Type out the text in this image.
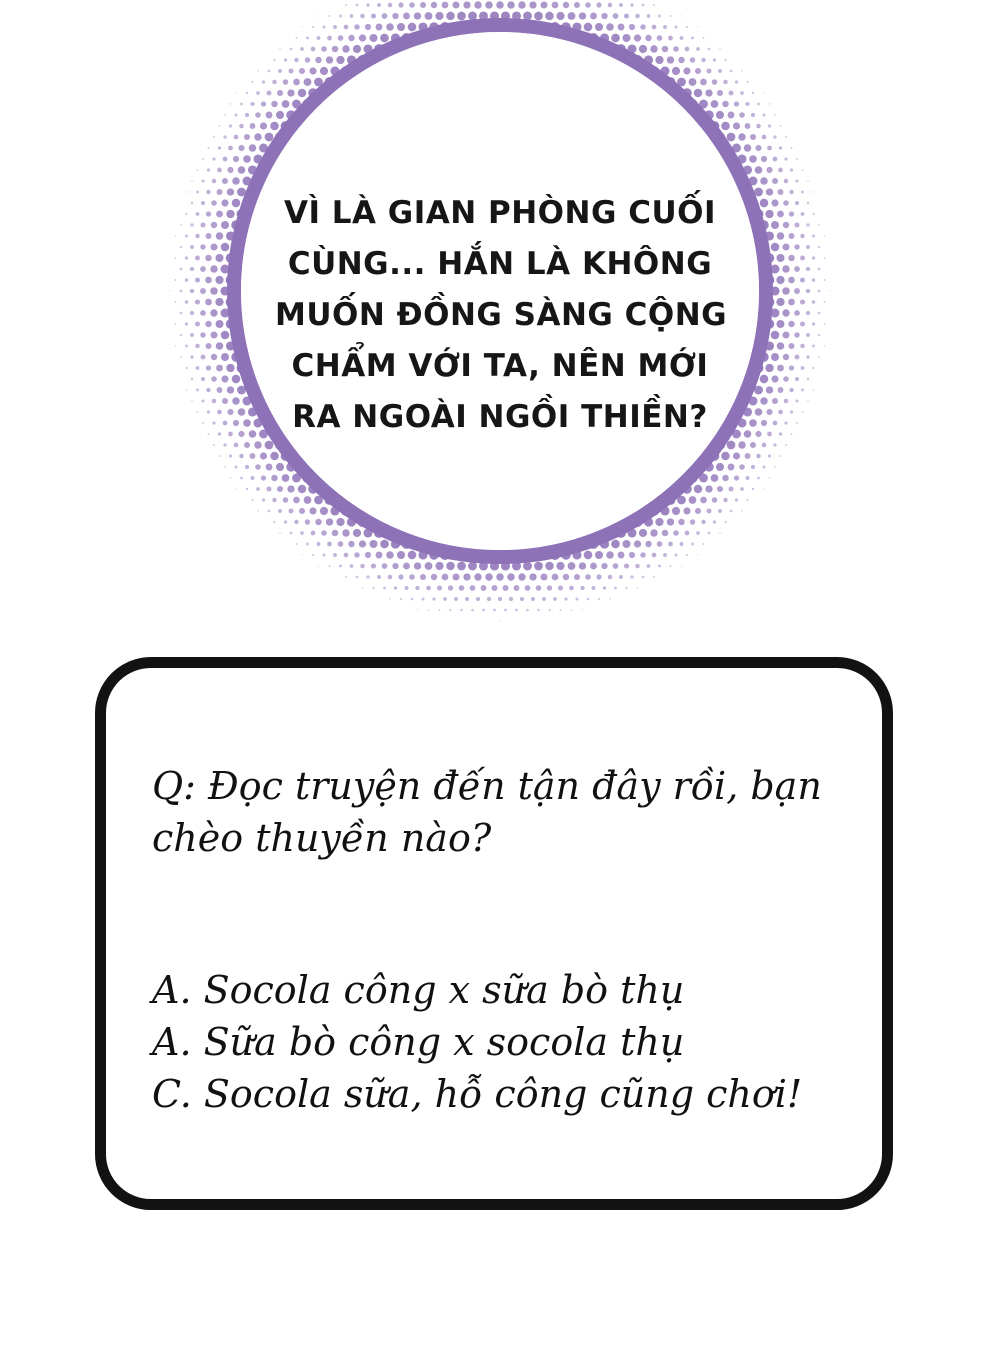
VÌ LÀ GIAN PHÒNG CUỐI
CÙNG... HẮN LÀ KHÔNG
MUỐN ĐỒNG SÀNG CỘNG
CHẨM VỚI TA, NÊN MỚI
RA NGOÀI NGỒI THIỀN?
Q: Đọc truyện đến tận đây rồi, bạn
chèo thuyền nào?
A. Socola công x sữa bò thụ
A. Sữa bò công x socola thụ
C. Socola sữa, hỗ công cũng chơi!
